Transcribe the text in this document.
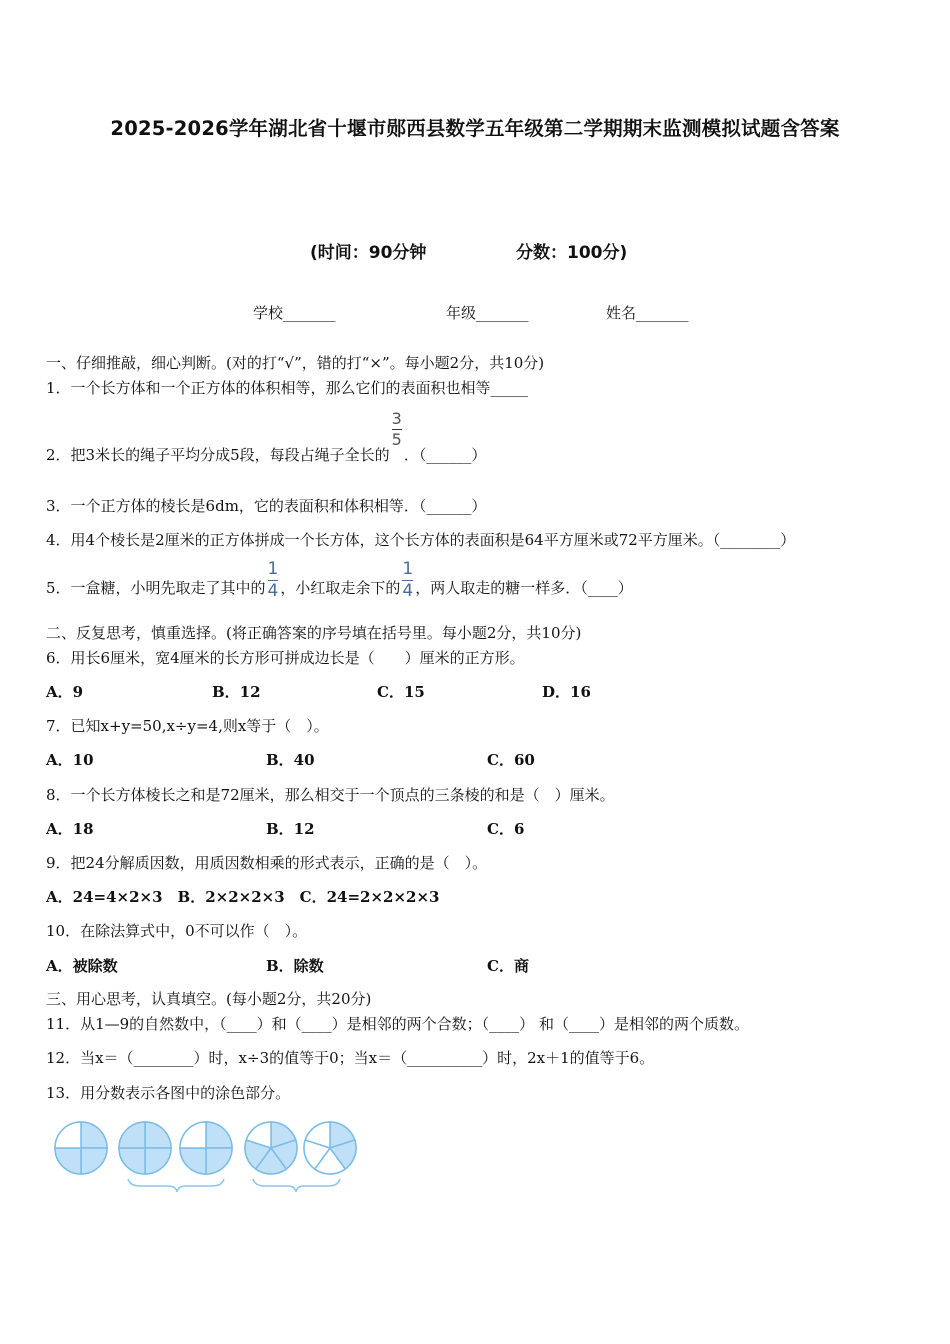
2025-2026学年湖北省十堰市郧西县数学五年级第二学期期末监测模拟试题含答案
(时间：90分钟	分数：100分)
学校_______	年级_______	姓名_______
一、仔细推敲，细心判断。(对的打“√”，错的打“×”。每小题2分，共10分)
1．一个长方体和一个正方体的体积相等，那么它们的表面积也相等_____
2．把3米长的绳子平均分成5段，每段占绳子全长的
$\frac{3}{5}$
．（______）
3．一个正方体的棱长是6dm，它的表面积和体积相等．（______）
4．用4个棱长是2厘米的正方体拼成一个长方体，这个长方体的表面积是64平方厘米或72平方厘米。（________）
5．一盒糖，小明先取走了其中的 $\frac{1}{4}$ ，小红取走余下的 $\frac{1}{4}$ ，两人取走的糖一样多．（____）
二、反复思考，慎重选择。(将正确答案的序号填在括号里。每小题2分，共10分)
6．用长6厘米，宽4厘米的长方形可拼成边长是（　　）厘米的正方形。
A．9	B．12	C．15	D．16
7．已知x+y=50,x÷y=4,则x等于（　）。
A．10	B．40	C．60
8．一个长方体棱长之和是72厘米，那么相交于一个顶点的三条棱的和是（　）厘米。
A．18	B．12	C．6
9．把24分解质因数，用质因数相乘的形式表示，正确的是（　）。
A．24=4×2×3　B．2×2×2×3　C．24=2×2×2×3
10．在除法算式中，0不可以作（　）。
A．被除数	B．除数	C．商
三、用心思考，认真填空。(每小题2分，共20分)
11．从1—9的自然数中，（____）和（____）是相邻的两个合数；（____） 和（____）是相邻的两个质数。
12．当x＝（________）时，x÷3的值等于0；当x＝（__________）时，2x＋1的值等于6。
13．用分数表示各图中的涂色部分。
